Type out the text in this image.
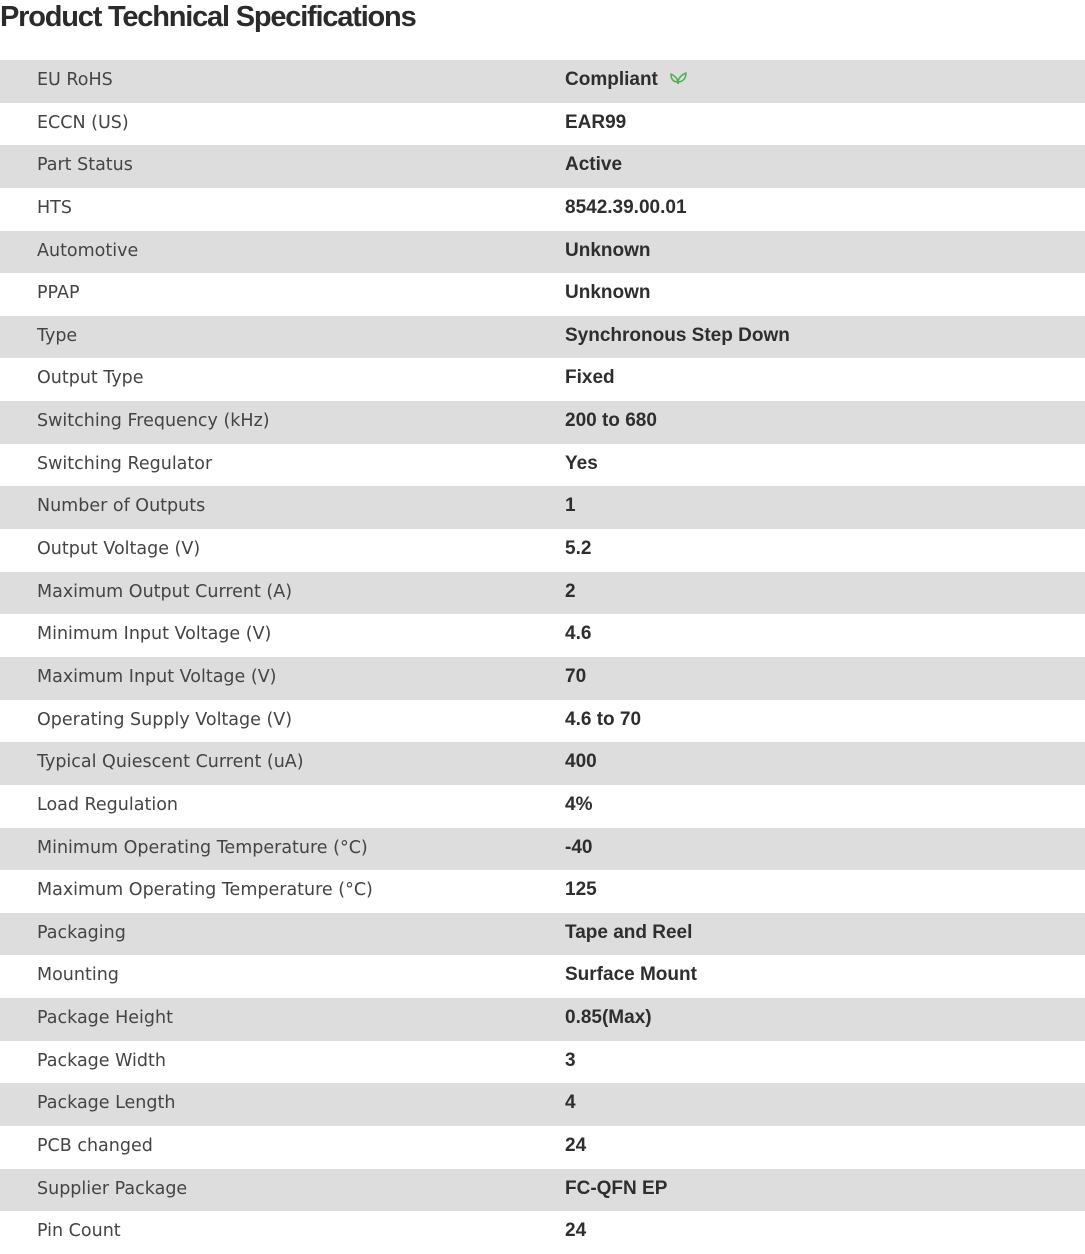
Product Technical Specifications
EU RoHS	Compliant
ECCN (US)	EAR99
Part Status	Active
HTS	8542.39.00.01
Automotive	Unknown
PPAP	Unknown
Type	Synchronous Step Down
Output Type	Fixed
Switching Frequency (kHz)	200 to 680
Switching Regulator	Yes
Number of Outputs	1
Output Voltage (V)	5.2
Maximum Output Current (A)	2
Minimum Input Voltage (V)	4.6
Maximum Input Voltage (V)	70
Operating Supply Voltage (V)	4.6 to 70
Typical Quiescent Current (uA)	400
Load Regulation	4%
Minimum Operating Temperature (°C)	-40
Maximum Operating Temperature (°C)	125
Packaging	Tape and Reel
Mounting	Surface Mount
Package Height	0.85(Max)
Package Width	3
Package Length	4
PCB changed	24
Supplier Package	FC-QFN EP
Pin Count	24
